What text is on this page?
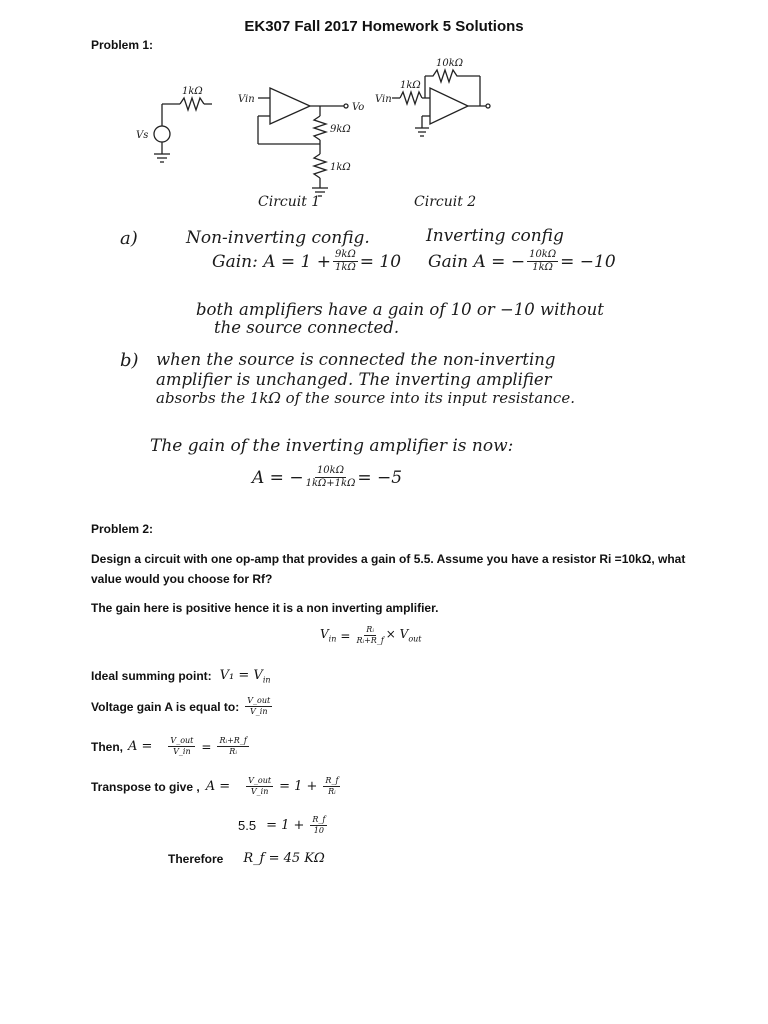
EK307 Fall 2017 Homework 5 Solutions
Problem 1:
1kΩ
Vs
Vin
Vo
9kΩ
1kΩ
Vin
1kΩ
10kΩ
Circuit 1	Circuit 2
a)	Non-inverting config.	Inverting config
Gain: $A = 1 + \frac{9k\Omega}{1k\Omega} = 10$ Gain A = − $\frac{10k\Omega}{1k\Omega} = -10$
both amplifiers have a gain of 10 or −10 without
the source connected.
b) when the source is connected the non-inverting
amplifier is unchanged. The inverting amplifier
absorbs the 1kΩ of the source into its input resistance.
The gain of the inverting amplifier is now:
A = − $\frac{10k\Omega}{1k\Omega+1k\Omega} = -5$
Problem 2:
Design a circuit with one op-amp that provides a gain of 5.5. Assume you have a resistor Ri =10kΩ, what
value would you choose for Rf?
The gain here is positive hence it is a non inverting amplifier.
$V_{in} = \frac{\text{Rᵢ}}{\text{Rᵢ+R\_f}} \times V_{out}$
Ideal summing point: $V_1 = V_{in}$
Voltage gain A is equal to: $\frac{\text{V\_out}}{V\_in}$
Then, $A = \frac{\text{V\_out}}{V\_in} = \frac{\text{Rᵢ+R\_f}}{\text{Rᵢ}}$
Transpose to give , $A = \frac{\text{V\_out}}{V\_in} = 1 + \frac{R\_f}{\text{Rᵢ}}$
$5.5 = 1 + \frac{R\_f}{10}$
Therefore R_f = 45 KΩ
